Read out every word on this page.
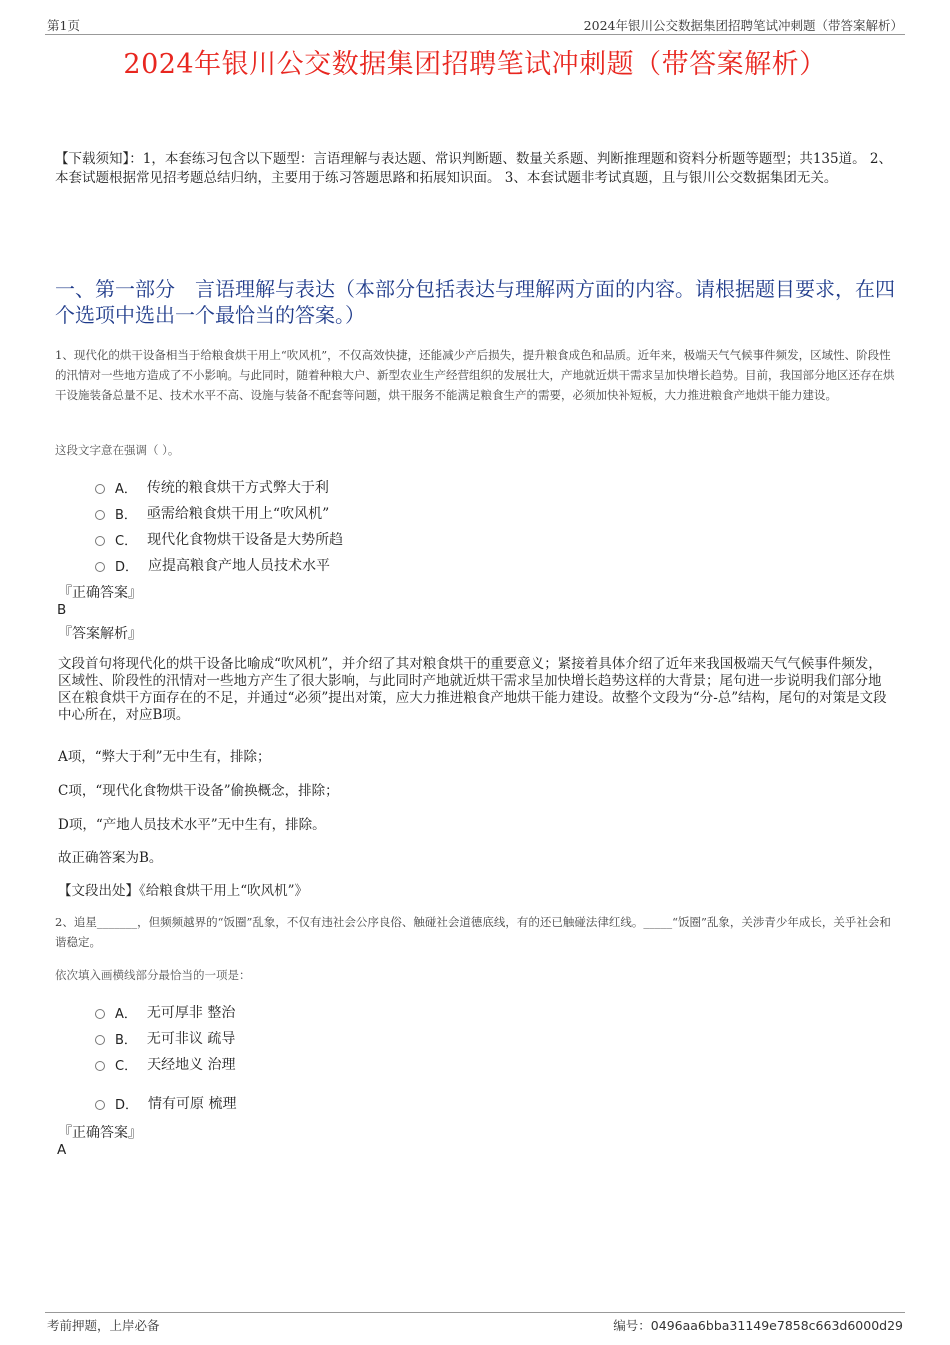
第1页	2024年银川公交数据集团招聘笔试冲刺题（带答案解析）
2024年银川公交数据集团招聘笔试冲刺题（带答案解析）
【下载须知】：1，本套练习包含以下题型：言语理解与表达题、常识判断题、数量关系题、判断推理题和资料分析题等题型；共135道。 2、本套试题根据常见招考题总结归纳，主要用于练习答题思路和拓展知识面。 3、本套试题非考试真题，且与银川公交数据集团无关。
一、第一部分　言语理解与表达（本部分包括表达与理解两方面的内容。请根据题目要求，在四个选项中选出一个最恰当的答案。）
1、现代化的烘干设备相当于给粮食烘干用上“吹风机”，不仅高效快捷，还能减少产后损失，提升粮食成色和品质。近年来，极端天气气候事件频发，区域性、阶段性的汛情对一些地方造成了不小影响。与此同时，随着种粮大户、新型农业生产经营组织的发展壮大，产地就近烘干需求呈加快增长趋势。目前，我国部分地区还存在烘干设施装备总量不足、技术水平不高、设施与装备不配套等问题，烘干服务不能满足粮食生产的需要，必须加快补短板，大力推进粮食产地烘干能力建设。
这段文字意在强调（ ）。
A． 传统的粮食烘干方式弊大于利
B． 亟需给粮食烘干用上“吹风机”
C． 现代化食物烘干设备是大势所趋
D． 应提高粮食产地人员技术水平
『正确答案』
B
『答案解析』
文段首句将现代化的烘干设备比喻成“吹风机”，并介绍了其对粮食烘干的重要意义；紧接着具体介绍了近年来我国极端天气气候事件频发，区域性、阶段性的汛情对一些地方产生了很大影响，与此同时产地就近烘干需求呈加快增长趋势这样的大背景；尾句进一步说明我们部分地区在粮食烘干方面存在的不足，并通过“必须”提出对策，应大力推进粮食产地烘干能力建设。故整个文段为“分-总”结构，尾句的对策是文段中心所在，对应B项。
A项，“弊大于利”无中生有，排除；
C项，“现代化食物烘干设备”偷换概念，排除；
D项，“产地人员技术水平”无中生有，排除。
故正确答案为B。
【文段出处】《给粮食烘干用上“吹风机”》
2、追星_______，但频频越界的“饭圈”乱象，不仅有违社会公序良俗、触碰社会道德底线，有的还已触碰法律红线。_____“饭圈”乱象，关涉青少年成长，关乎社会和谐稳定。
依次填入画横线部分最恰当的一项是：
A． 无可厚非 整治
B． 无可非议 疏导
C． 天经地义 治理
D． 情有可原 梳理
『正确答案』
A
考前押题，上岸必备	编号：0496aa6bba31149e7858c663d6000d29
